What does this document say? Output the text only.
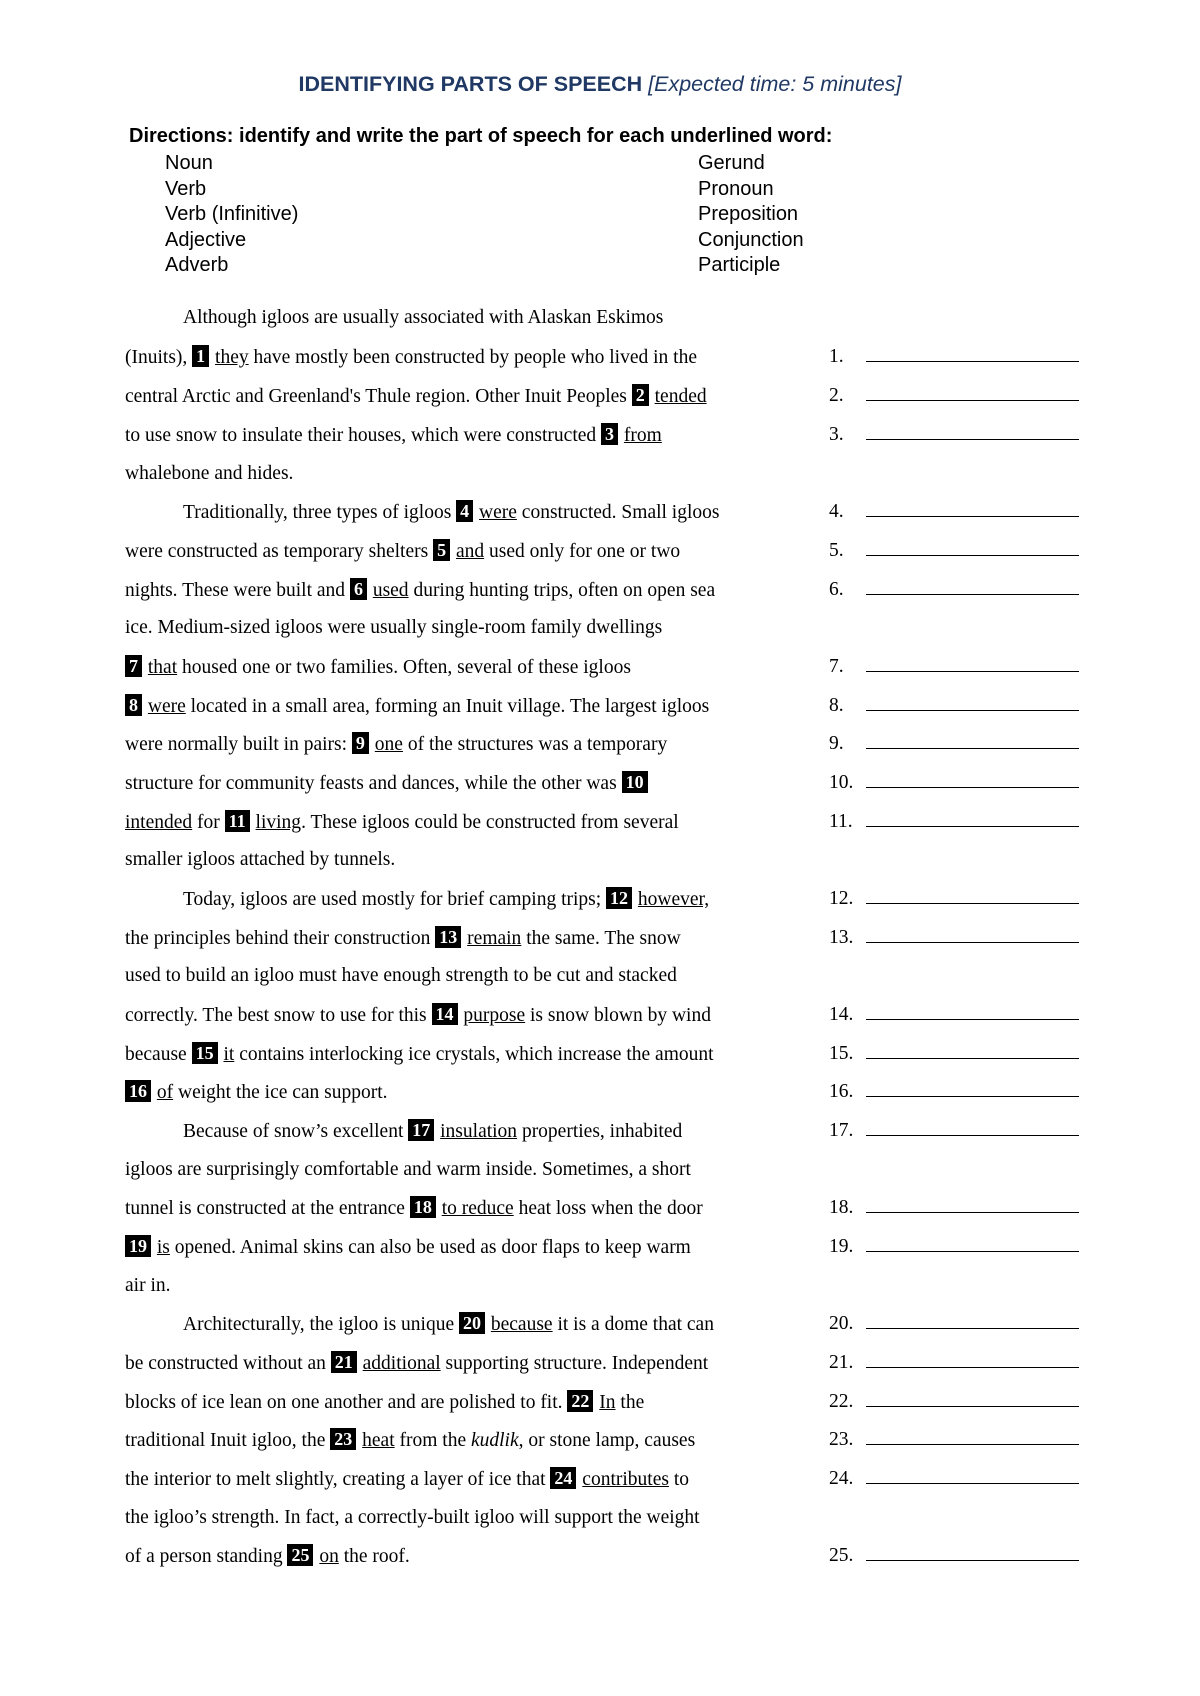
IDENTIFYING PARTS OF SPEECH [Expected time: 5 minutes]
Directions: identify and write the part of speech for each underlined word:
Noun
Verb
Verb (Infinitive)
Adjective
Adverb
Gerund
Pronoun
Preposition
Conjunction
Participle
Although igloos are usually associated with Alaskan Eskimos
(Inuits), 1 they have mostly been constructed by people who lived in the
central Arctic and Greenland's Thule region. Other Inuit Peoples 2 tended
to use snow to insulate their houses, which were constructed 3 from
whalebone and hides.
Traditionally, three types of igloos 4 were constructed. Small igloos
were constructed as temporary shelters 5 and used only for one or two
nights. These were built and 6 used during hunting trips, often on open sea
ice. Medium-sized igloos were usually single-room family dwellings
7 that housed one or two families. Often, several of these igloos
8 were located in a small area, forming an Inuit village. The largest igloos
were normally built in pairs: 9 one of the structures was a temporary
structure for community feasts and dances, while the other was 10
intended for 11 living. These igloos could be constructed from several
smaller igloos attached by tunnels.
Today, igloos are used mostly for brief camping trips; 12 however,
the principles behind their construction 13 remain the same. The snow
used to build an igloo must have enough strength to be cut and stacked
correctly. The best snow to use for this 14 purpose is snow blown by wind
because 15 it contains interlocking ice crystals, which increase the amount
16 of weight the ice can support.
Because of snow’s excellent 17 insulation properties, inhabited
igloos are surprisingly comfortable and warm inside. Sometimes, a short
tunnel is constructed at the entrance 18 to reduce heat loss when the door
19 is opened. Animal skins can also be used as door flaps to keep warm
air in.
Architecturally, the igloo is unique 20 because it is a dome that can
be constructed without an 21 additional supporting structure. Independent
blocks of ice lean on one another and are polished to fit. 22 In the
traditional Inuit igloo, the 23 heat from the kudlik, or stone lamp, causes
the interior to melt slightly, creating a layer of ice that 24 contributes to
the igloo’s strength. In fact, a correctly-built igloo will support the weight
of a person standing 25 on the roof.
1.
2.
3.
4.
5.
6.
7.
8.
9.
10.
11.
12.
13.
14.
15.
16.
17.
18.
19.
20.
21.
22.
23.
24.
25.
